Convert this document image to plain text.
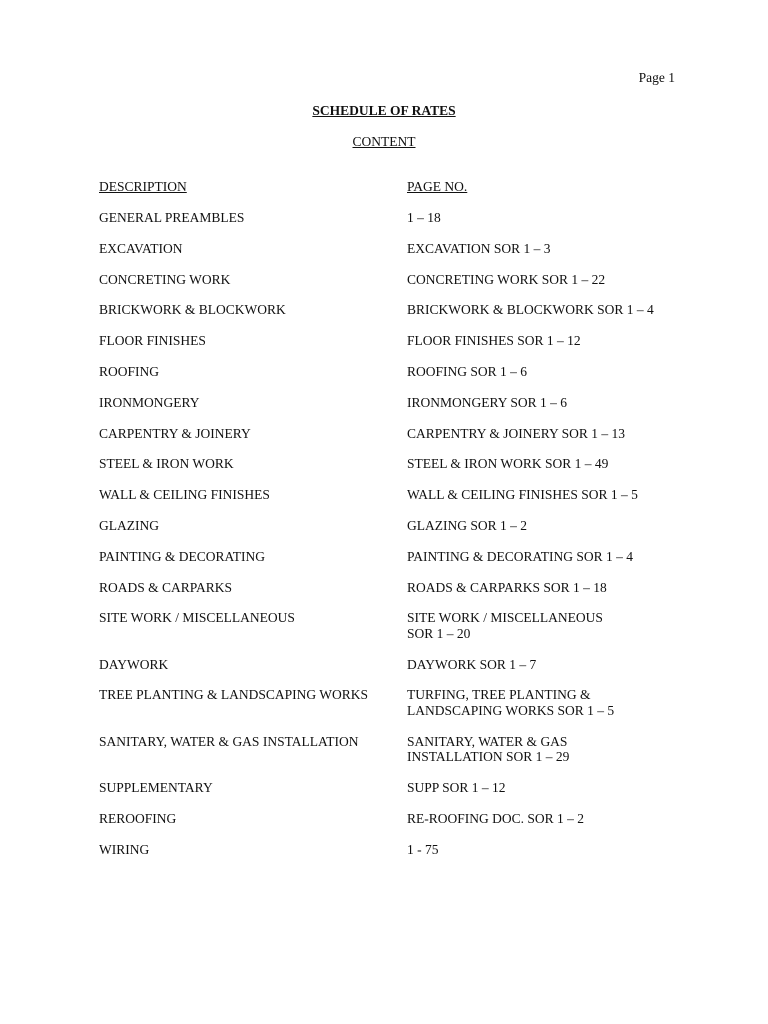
Page 1
SCHEDULE OF RATES
CONTENT
DESCRIPTION	PAGE NO.
GENERAL PREAMBLES	1 – 18
EXCAVATION	EXCAVATION SOR 1 – 3
CONCRETING WORK	CONCRETING WORK SOR 1 – 22
BRICKWORK & BLOCKWORK	BRICKWORK & BLOCKWORK SOR 1 – 4
FLOOR FINISHES	FLOOR FINISHES SOR 1 – 12
ROOFING	ROOFING SOR 1 – 6
IRONMONGERY	IRONMONGERY SOR 1 – 6
CARPENTRY & JOINERY	CARPENTRY & JOINERY SOR 1 – 13
STEEL & IRON WORK	STEEL & IRON WORK SOR 1 – 49
WALL & CEILING FINISHES	WALL & CEILING FINISHES SOR 1 – 5
GLAZING	GLAZING SOR 1 – 2
PAINTING & DECORATING	PAINTING & DECORATING SOR 1 – 4
ROADS & CARPARKS	ROADS & CARPARKS SOR 1 – 18
SITE WORK / MISCELLANEOUS	SITE WORK / MISCELLANEOUS
SOR 1 – 20
DAYWORK	DAYWORK SOR 1 – 7
TREE PLANTING & LANDSCAPING WORKS	TURFING, TREE PLANTING &
LANDSCAPING WORKS SOR 1 – 5
SANITARY, WATER & GAS INSTALLATION	SANITARY, WATER & GAS
INSTALLATION SOR 1 – 29
SUPPLEMENTARY	SUPP SOR 1 – 12
REROOFING	RE-ROOFING DOC. SOR 1 – 2
WIRING	1 - 75
